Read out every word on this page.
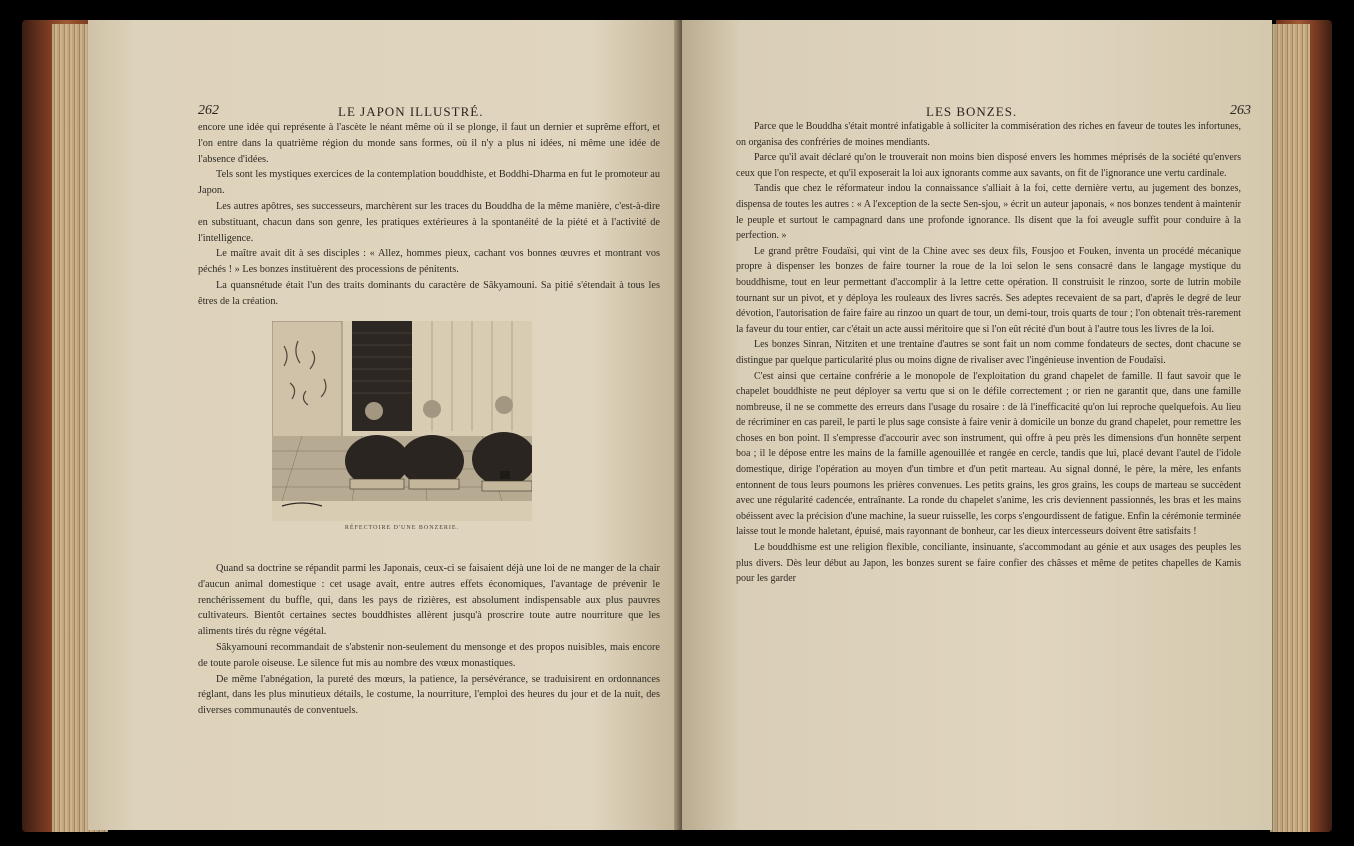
262	LE JAPON ILLUSTRÉ.

encore une idée qui représente à l'ascète le néant même où il se plonge, il faut un dernier et suprême effort, et l'on entre dans la quatrième région du monde sans formes, où il n'y a plus ni idées, ni même une idée de l'absence d'idées.

Tels sont les mystiques exercices de la contemplation bouddhiste, et Boddhi-Dharma en fut le promoteur au Japon.

Les autres apôtres, ses successeurs, marchèrent sur les traces du Bouddha de la même manière, c'est-à-dire en substituant, chacun dans son genre, les pratiques extérieures à la spontanéité de la piété et à l'activité de l'intelligence.

Le maître avait dit à ses disciples : « Allez, hommes pieux, cachant vos bonnes œuvres et montrant vos péchés ! » Les bonzes instituèrent des processions de pénitents.

La quansnétude était l'un des traits dominants du caractère de Sâkyamouni. Sa pitié s'étendait à tous les êtres de la création.

RÉFECTOIRE D'UNE BONZERIE.

Quand sa doctrine se répandit parmi les Japonais, ceux-ci se faisaient déjà une loi de ne manger de la chair d'aucun animal domestique : cet usage avait, entre autres effets économiques, l'avantage de prévenir le renchérissement du buffle, qui, dans les pays de rizières, est absolument indispensable aux plus pauvres cultivateurs. Bientôt certaines sectes bouddhistes allèrent jusqu'à proscrire toute autre nourriture que les aliments tirés du règne végétal.

Sâkyamouni recommandait de s'abstenir non-seulement du mensonge et des propos nuisibles, mais encore de toute parole oiseuse. Le silence fut mis au nombre des vœux monastiques.

De même l'abnégation, la pureté des mœurs, la patience, la persévérance, se traduisirent en ordonnances réglant, dans les plus minutieux détails, le costume, la nourriture, l'emploi des heures du jour et de la nuit, des diverses communautés de conventuels.

LES BONZES.	263

Parce que le Bouddha s'était montré infatigable à solliciter la commisération des riches en faveur de toutes les infortunes, on organisa des confréries de moines mendiants.

Parce qu'il avait déclaré qu'on le trouverait non moins bien disposé envers les hommes méprisés de la société qu'envers ceux que l'on respecte, et qu'il exposerait la loi aux ignorants comme aux savants, on fit de l'ignorance une vertu cardinale.

Tandis que chez le réformateur indou la connaissance s'alliait à la foi, cette dernière vertu, au jugement des bonzes, dispensa de toutes les autres : « A l'exception de la secte Sen-sjou, » écrit un auteur japonais, « nos bonzes tendent à maintenir le peuple et surtout le campagnard dans une profonde ignorance. Ils disent que la foi aveugle suffit pour conduire à la perfection. »

Le grand prêtre Foudaïsi, qui vint de la Chine avec ses deux fils, Fousjoo et Fouken, inventa un procédé mécanique propre à dispenser les bonzes de faire tourner la roue de la loi selon le sens consacré dans le langage mystique du bouddhisme, tout en leur permettant d'accomplir à la lettre cette opération. Il construisit le rinzoo, sorte de lutrin mobile tournant sur un pivot, et y déploya les rouleaux des livres sacrés. Ses adeptes recevaient de sa part, d'après le degré de leur dévotion, l'autorisation de faire faire au rinzoo un quart de tour, un demi-tour, trois quarts de tour ; l'on obtenait très-rarement la faveur du tour entier, car c'était un acte aussi méritoire que si l'on eût récité d'un bout à l'autre tous les livres de la loi.

Les bonzes Sinran, Nitziten et une trentaine d'autres se sont fait un nom comme fondateurs de sectes, dont chacune se distingue par quelque particularité plus ou moins digne de rivaliser avec l'ingénieuse invention de Foudaïsi.

C'est ainsi que certaine confrérie a le monopole de l'exploitation du grand chapelet de famille. Il faut savoir que le chapelet bouddhiste ne peut déployer sa vertu que si on le défile correctement ; or rien ne garantit que, dans une famille nombreuse, il ne se commette des erreurs dans l'usage du rosaire : de là l'inefficacité qu'on lui reproche quelquefois. Au lieu de récriminer en cas pareil, le parti le plus sage consiste à faire venir à domicile un bonze du grand chapelet, pour remettre les choses en bon point. Il s'empresse d'accourir avec son instrument, qui offre à peu près les dimensions d'un honnête serpent boa ; il le dépose entre les mains de la famille agenouillée et rangée en cercle, tandis que lui, placé devant l'autel de l'idole domestique, dirige l'opération au moyen d'un timbre et d'un petit marteau. Au signal donné, le père, la mère, les enfants entonnent de tous leurs poumons les prières convenues. Les petits grains, les gros grains, les coups de marteau se succèdent avec une régularité cadencée, entraînante. La ronde du chapelet s'anime, les cris deviennent passionnés, les bras et les mains obéissent avec la précision d'une machine, la sueur ruisselle, les corps s'engourdissent de fatigue. Enfin la cérémonie terminée laisse tout le monde haletant, épuisé, mais rayonnant de bonheur, car les dieux intercesseurs doivent être satisfaits !

Le bouddhisme est une religion flexible, conciliante, insinuante, s'accommodant au génie et aux usages des peuples les plus divers. Dès leur début au Japon, les bonzes surent se faire confier des châsses et même de petites chapelles de Kamis pour les garder
